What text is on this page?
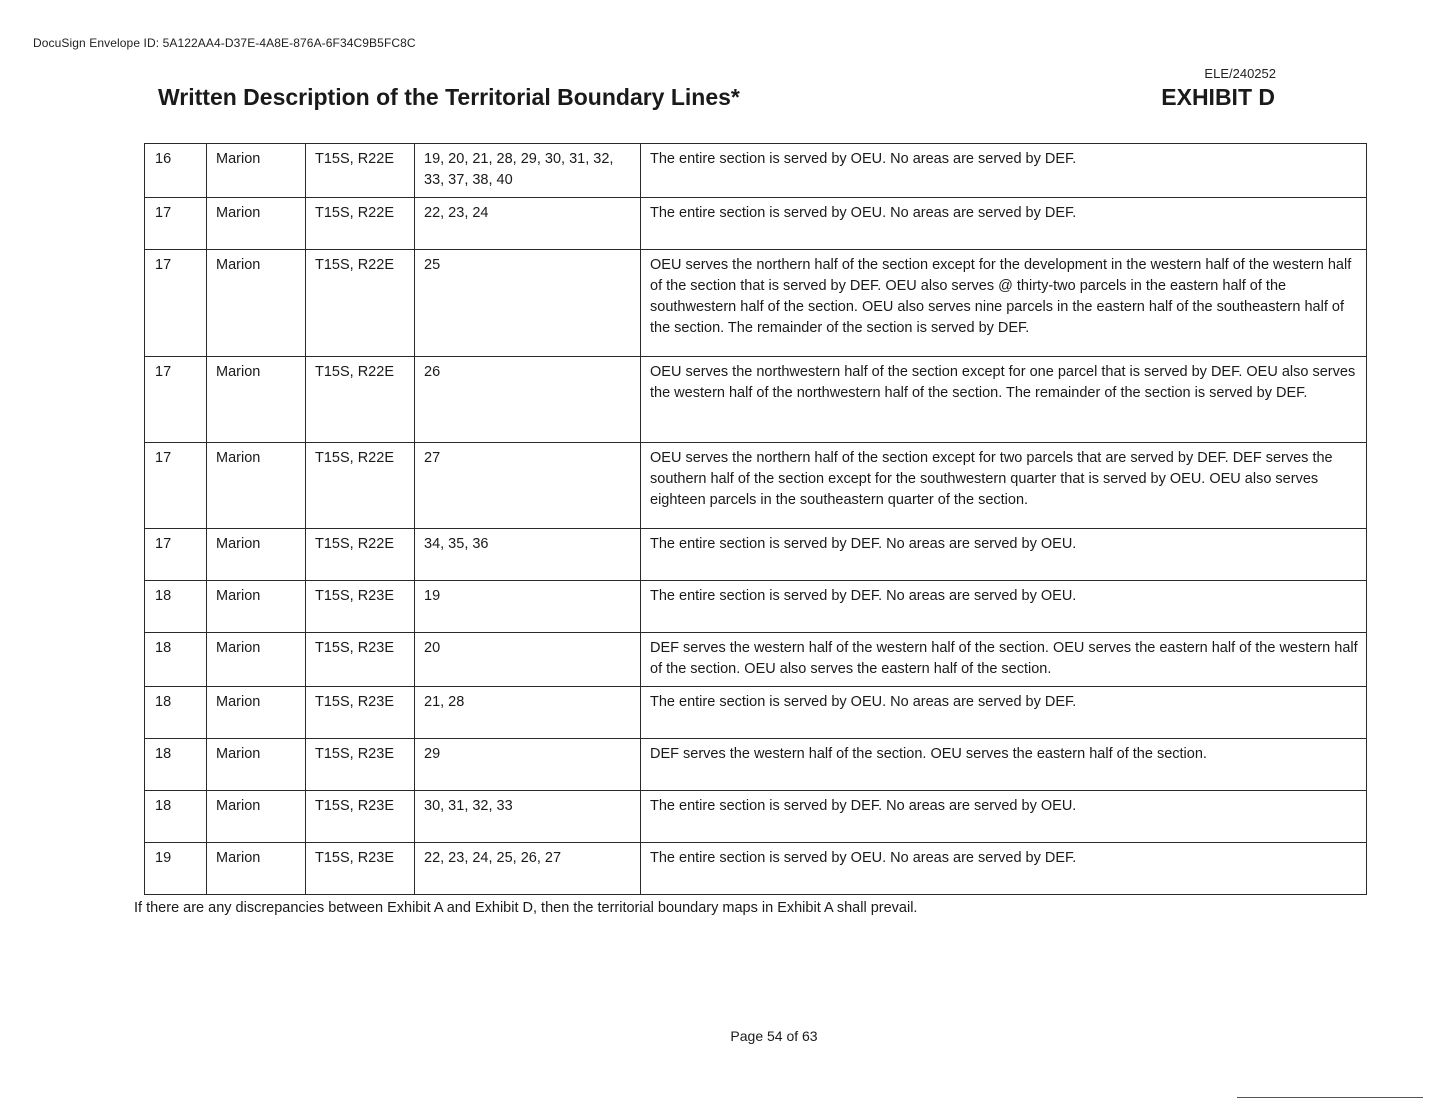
DocuSign Envelope ID: 5A122AA4-D37E-4A8E-876A-6F34C9B5FC8C
ELE/240252
Written Description of the Territorial Boundary Lines*	EXHIBIT D
16	Marion	T15S, R22E	19, 20, 21, 28, 29, 30, 31, 32, 33, 37, 38, 40	The entire section is served by OEU. No areas are served by DEF.
17	Marion	T15S, R22E	22, 23, 24	The entire section is served by OEU. No areas are served by DEF.
17	Marion	T15S, R22E	25	OEU serves the northern half of the section except for the development in the western half of the western half of the section that is served by DEF. OEU also serves @ thirty-two parcels in the eastern half of the southwestern half of the section. OEU also serves nine parcels in the eastern half of the southeastern half of the section. The remainder of the section is served by DEF.
17	Marion	T15S, R22E	26	OEU serves the northwestern half of the section except for one parcel that is served by DEF. OEU also serves the western half of the northwestern half of the section. The remainder of the section is served by DEF.
17	Marion	T15S, R22E	27	OEU serves the northern half of the section except for two parcels that are served by DEF. DEF serves the southern half of the section except for the southwestern quarter that is served by OEU. OEU also serves eighteen parcels in the southeastern quarter of the section.
17	Marion	T15S, R22E	34, 35, 36	The entire section is served by DEF. No areas are served by OEU.
18	Marion	T15S, R23E	19	The entire section is served by DEF. No areas are served by OEU.
18	Marion	T15S, R23E	20	DEF serves the western half of the western half of the section. OEU serves the eastern half of the western half of the section. OEU also serves the eastern half of the section.
18	Marion	T15S, R23E	21, 28	The entire section is served by OEU. No areas are served by DEF.
18	Marion	T15S, R23E	29	DEF serves the western half of the section. OEU serves the eastern half of the section.
18	Marion	T15S, R23E	30, 31, 32, 33	The entire section is served by DEF. No areas are served by OEU.
19	Marion	T15S, R23E	22, 23, 24, 25, 26, 27	The entire section is served by OEU. No areas are served by DEF.
If there are any discrepancies between Exhibit A and Exhibit D, then the territorial boundary maps in Exhibit A shall prevail.
Page 54 of 63
